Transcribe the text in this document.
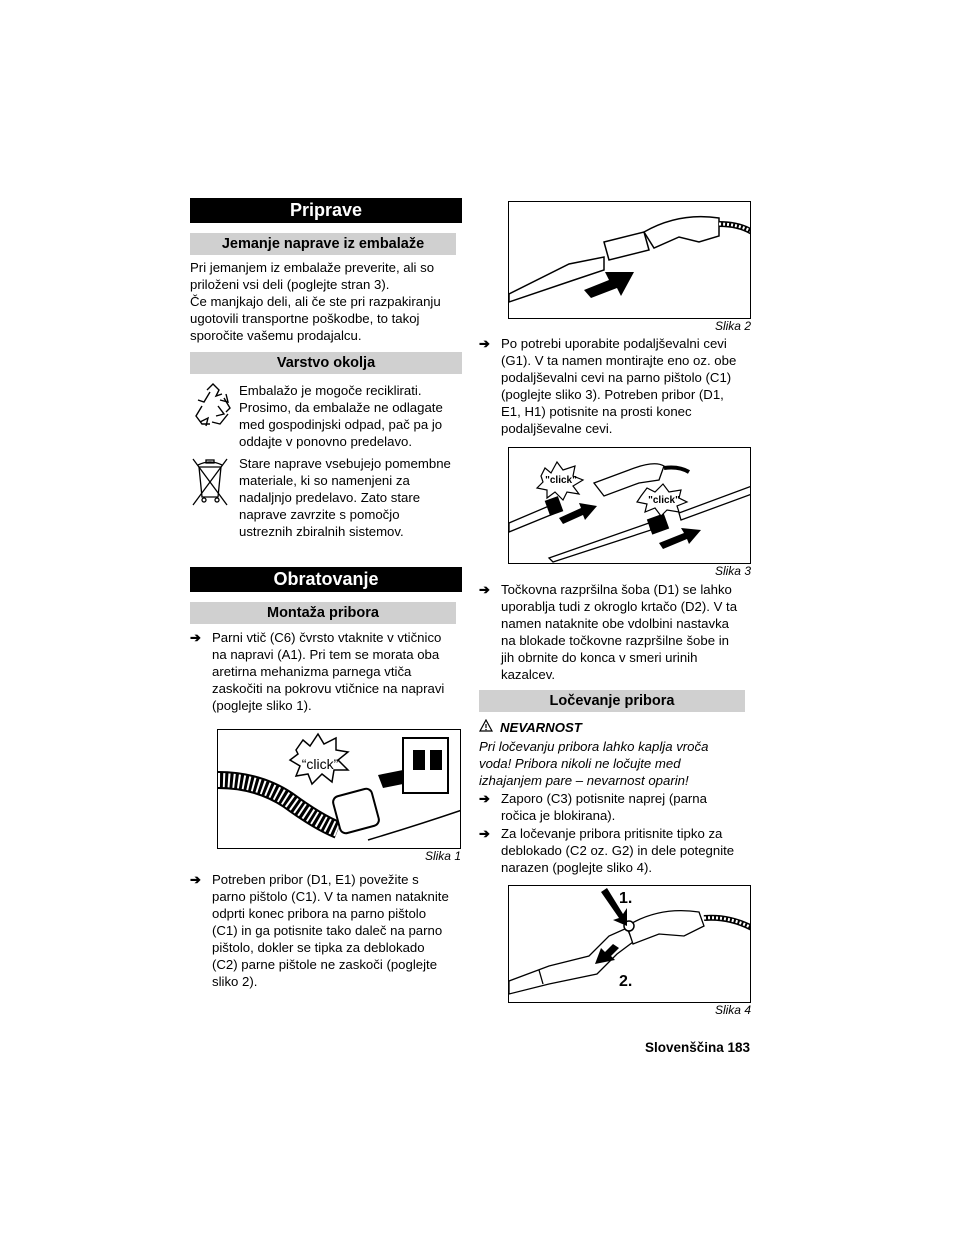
Priprave
Jemanje naprave iz embalaže

Pri jemanjem iz embalaže preverite, ali so
priloženi vsi deli (poglejte stran 3).
Če manjkajo deli, ali če ste pri razpakiranju
ugotovili transportne poškodbe, to takoj
sporočite vašemu prodajalcu.

Varstvo okolja
Embalažo je mogoče reciklirati.
Prosimo, da embalaže ne odlagate
med gospodinjski odpad, pač pa jo
oddajte v ponovno predelavo.
Stare naprave vsebujejo pomembne
materiale, ki so namenjeni za
nadaljnjo predelavo. Zato stare
naprave zavrzite s pomočjo
ustreznih zbiralnih sistemov.
Obratovanje
Montaža pribora
➔ Parni vtič (C6) čvrsto vtaknite v vtičnico
na napravi (A1). Pri tem se morata oba
aretirna mehanizma parnega vtiča
zaskočiti na pokrovu vtičnice na napravi
(poglejte sliko 1).
“click”
Slika 1
➔ Potreben pribor (D1, E1) povežite s
parno pištolo (C1). V ta namen nataknite
odprti konec pribora na parno pištolo
(C1) in ga potisnite tako daleč na parno
pištolo, dokler se tipka za deblokado
(C2) parne pištole ne zaskoči (poglejte
sliko 2).
Slika 2
➔ Po potrebi uporabite podaljševalni cevi
(G1). V ta namen montirajte eno oz. obe
podaljševalni cevi na parno pištolo (C1)
(poglejte sliko 3). Potreben pribor (D1,
E1, H1) potisnite na prosti konec
podaljševalne cevi.
"click"
"click"
Slika 3
➔ Točkovna razpršilna šoba (D1) se lahko
uporablja tudi z okroglo krtačo (D2). V ta
namen nataknite obe vdolbini nastavka
na blokade točkovne razpršilne šobe in
jih obrnite do konca v smeri urinih
kazalcev.
Ločevanje pribora
NEVARNOST
Pri ločevanju pribora lahko kaplja vroča
voda! Pribora nikoli ne ločujte med
izhajanjem pare – nevarnost oparin!
➔ Zaporo (C3) potisnite naprej (parna
ročica je blokirana).
➔ Za ločevanje pribora pritisnite tipko za
deblokado (C2 oz. G2) in dele potegnite
narazen (poglejte sliko 4).
1.
2.
Slika 4
Slovenščina 183
